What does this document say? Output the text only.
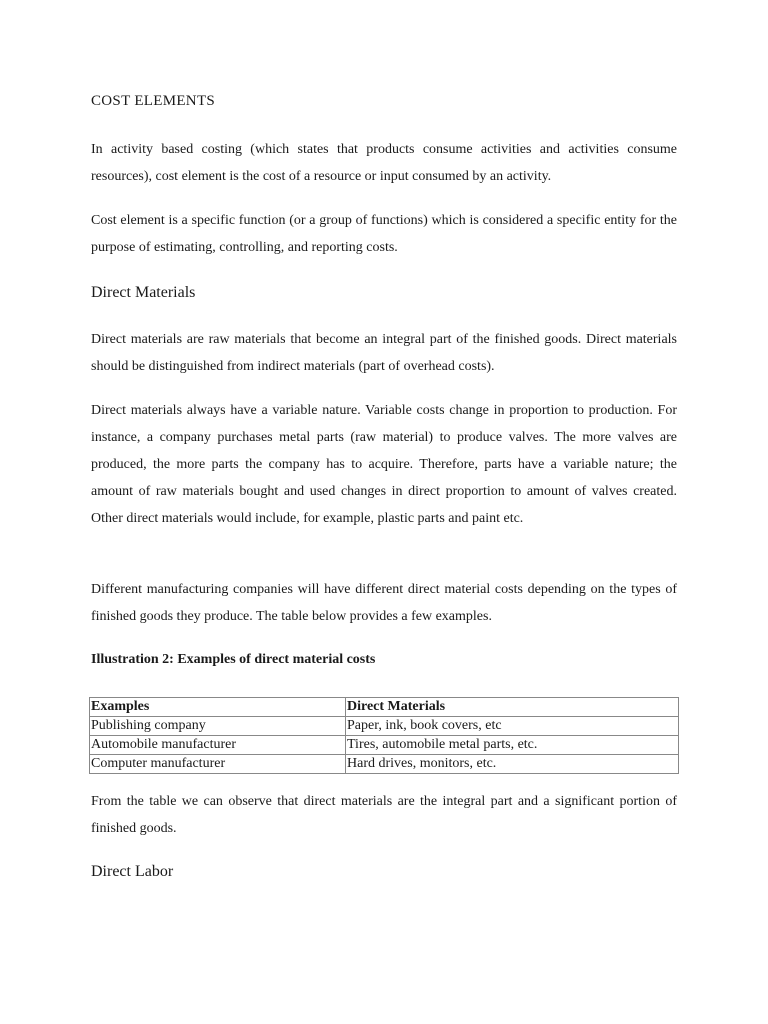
COST ELEMENTS

In activity based costing (which states that products consume activities and activities consume resources), cost element is the cost of a resource or input consumed by an activity.

Cost element is a specific function (or a group of functions) which is considered a specific entity for the purpose of estimating, controlling, and reporting costs.

Direct Materials

Direct materials are raw materials that become an integral part of the finished goods. Direct materials should be distinguished from indirect materials (part of overhead costs).

Direct materials always have a variable nature. Variable costs change in proportion to production. For instance, a company purchases metal parts (raw material) to produce valves. The more valves are produced, the more parts the company has to acquire. Therefore, parts have a variable nature; the amount of raw materials bought and used changes in direct proportion to amount of valves created. Other direct materials would include, for example, plastic parts and paint etc.

Different manufacturing companies will have different direct material costs depending on the types of finished goods they produce. The table below provides a few examples.

Illustration 2: Examples of direct material costs

Examples	Direct Materials
Publishing company	Paper, ink, book covers, etc
Automobile manufacturer	Tires, automobile metal parts, etc.
Computer manufacturer	Hard drives, monitors, etc.

From the table we can observe that direct materials are the integral part and a significant portion of finished goods.

Direct Labor
